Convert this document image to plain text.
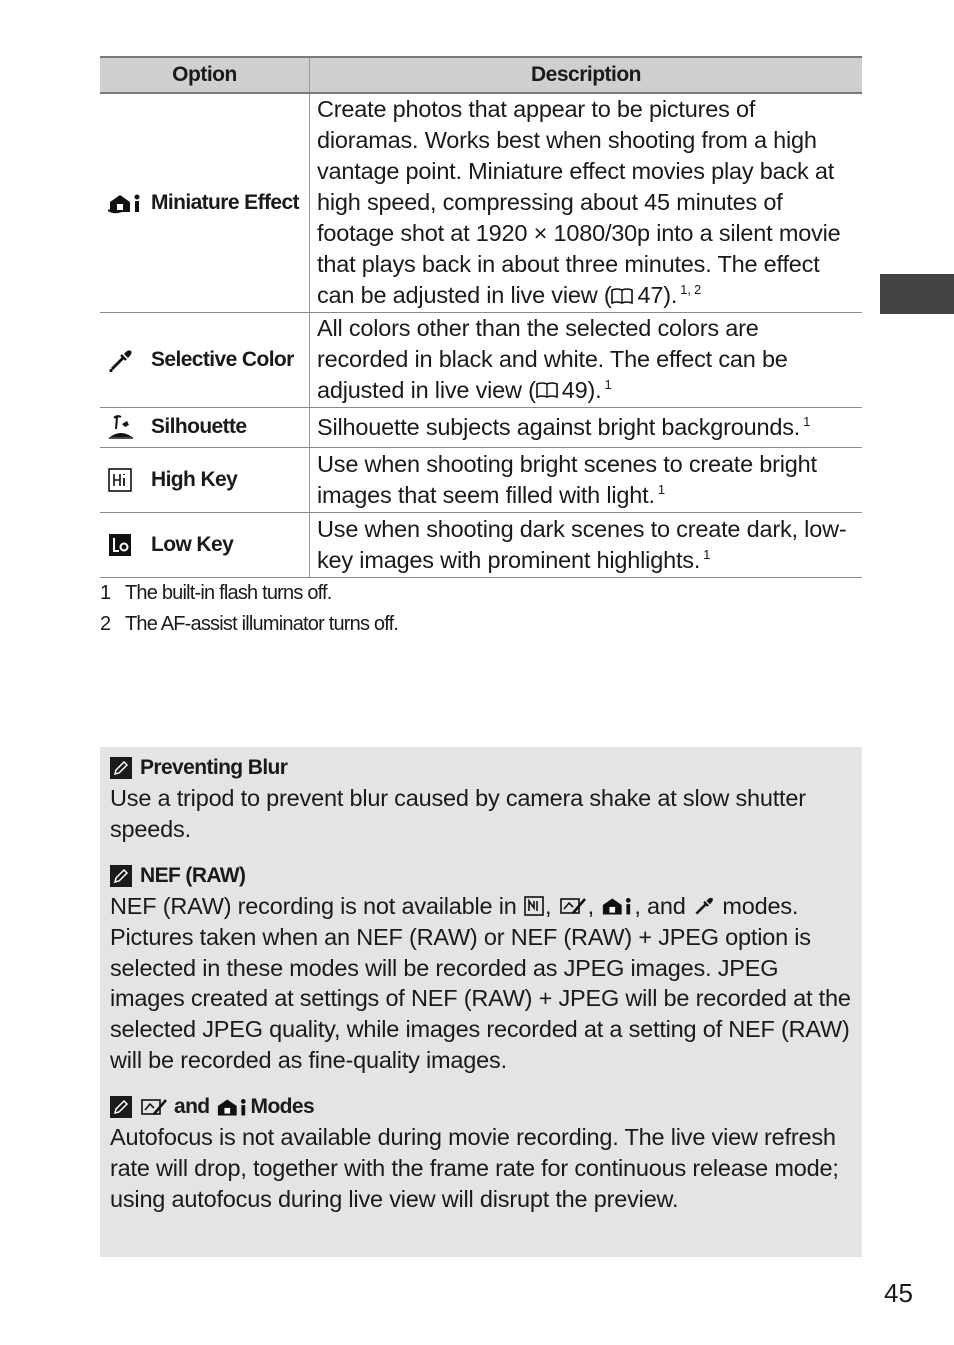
Option	Description

Miniature Effect	Create photos that appear to be pictures of dioramas. Works best when shooting from a high vantage point. Miniature effect movies play back at high speed, compressing about 45 minutes of footage shot at 1920 × 1080/30p into a silent movie that plays back in about three minutes. The effect can be adjusted in live view ( 47). $^{1, 2}$

Selective Color	All colors other than the selected colors are recorded in black and white. The effect can be adjusted in live view ( 49). $^1$

Silhouette	Silhouette subjects against bright backgrounds. $^1$

High Key	Use when shooting bright scenes to create bright images that seem filled with light. $^1$

Low Key	Use when shooting dark scenes to create dark, low-key images with prominent highlights. $^1$
1 The built-in flash turns off.
2 The AF-assist illuminator turns off.
Preventing Blur
Use a tripod to prevent blur caused by camera shake at slow shutter speeds.
NEF (RAW)
NEF (RAW) recording is not available in , , , and modes. Pictures taken when an NEF (RAW) or NEF (RAW) + JPEG option is selected in these modes will be recorded as JPEG images. JPEG images created at settings of NEF (RAW) + JPEG will be recorded at the selected JPEG quality, while images recorded at a setting of NEF (RAW) will be recorded as fine-quality images.
and Modes
Autofocus is not available during movie recording. The live view refresh rate will drop, together with the frame rate for continuous release mode; using autofocus during live view will disrupt the preview.
45
